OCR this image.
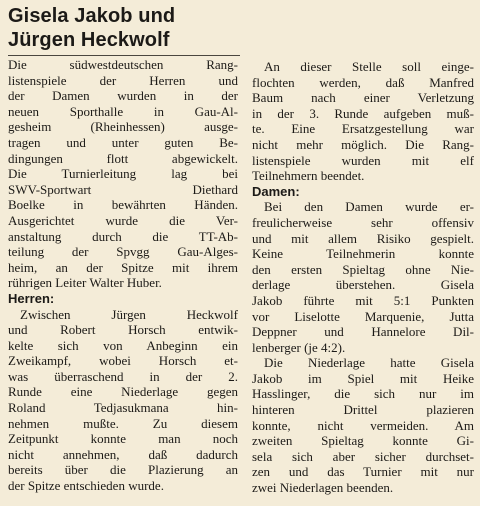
Gisela Jakob und
Jürgen Heckwolf
Die südwestdeutschen Rang-
listenspiele der Herren und
der Damen wurden in der
neuen Sporthalle in Gau-Al-
gesheim (Rheinhessen) ausge-
tragen und unter guten Be-
dingungen flott abgewickelt.
Die Turnierleitung lag bei
SWV-Sportwart Diethard
Boelke in bewährten Händen.
Ausgerichtet wurde die Ver-
anstaltung durch die TT-Ab-
teilung der Spvgg Gau-Alges-
heim, an der Spitze mit ihrem
rührigen Leiter Walter Huber.
Herren:
Zwischen Jürgen Heckwolf
und Robert Horsch entwik-
kelte sich von Anbeginn ein
Zweikampf, wobei Horsch et-
was überraschend in der 2.
Runde eine Niederlage gegen
Roland Tedjasukmana hin-
nehmen mußte. Zu diesem
Zeitpunkt konnte man noch
nicht annehmen, daß dadurch
bereits über die Plazierung an
der Spitze entschieden wurde.
An dieser Stelle soll einge-
flochten werden, daß Manfred
Baum nach einer Verletzung
in der 3. Runde aufgeben muß-
te. Eine Ersatzgestellung war
nicht mehr möglich. Die Rang-
listenspiele wurden mit elf
Teilnehmern beendet.
Damen:
Bei den Damen wurde er-
freulicherweise sehr offensiv
und mit allem Risiko gespielt.
Keine Teilnehmerin konnte
den ersten Spieltag ohne Nie-
derlage überstehen. Gisela
Jakob führte mit 5:1 Punkten
vor Liselotte Marquenie, Jutta
Deppner und Hannelore Dil-
lenberger (je 4:2).
Die Niederlage hatte Gisela
Jakob im Spiel mit Heike
Hasslinger, die sich nur im
hinteren Drittel plazieren
konnte, nicht vermeiden. Am
zweiten Spieltag konnte Gi-
sela sich aber sicher durchset-
zen und das Turnier mit nur
zwei Niederlagen beenden.
